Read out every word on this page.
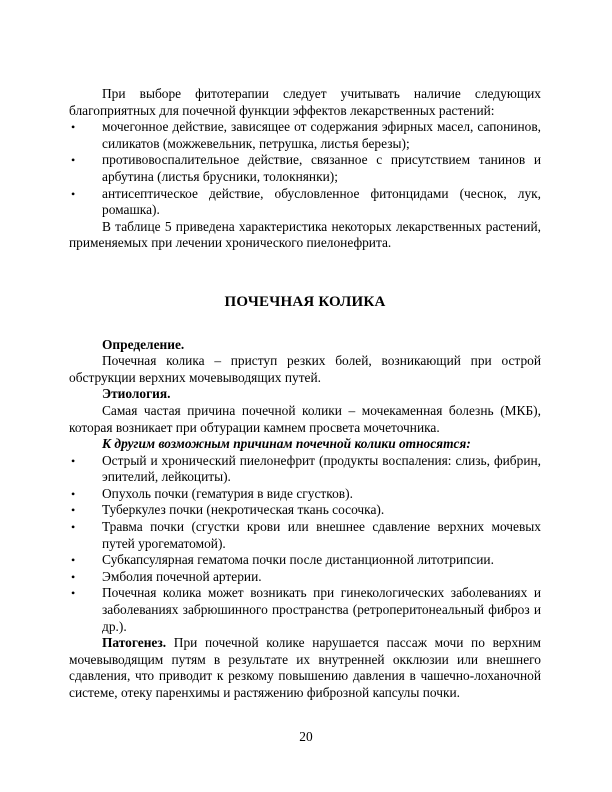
При выборе фитотерапии следует учитывать наличие следующих благоприятных для почечной функции эффектов лекарственных растений:

• мочегонное действие, зависящее от содержания эфирных масел, сапонинов, силикатов (можжевельник, петрушка, листья березы);
• противовоспалительное действие, связанное с присутствием танинов и арбутина (листья брусники, толокнянки);
• антисептическое действие, обусловленное фитонцидами (чеснок, лук, ромашка).

В таблице 5 приведена характеристика некоторых лекарственных растений, применяемых при лечении хронического пиелонефрита.

ПОЧЕЧНАЯ КОЛИКА

Определение.

Почечная колика – приступ резких болей, возникающий при острой обструкции верхних мочевыводящих путей.

Этиология.

Самая частая причина почечной колики – мочекаменная болезнь (МКБ), которая возникает при обтурации камнем просвета мочеточника.

К другим возможным причинам почечной колики относятся:

• Острый и хронический пиелонефрит (продукты воспаления: слизь, фибрин, эпителий, лейкоциты).
• Опухоль почки (гематурия в виде сгустков).
• Туберкулез почки (некротическая ткань сосочка).
• Травма почки (сгустки крови или внешнее сдавление верхних мочевых путей урогематомой).
• Субкапсулярная гематома почки после дистанционной литотрипсии.
• Эмболия почечной артерии.
• Почечная колика может возникать при гинекологических заболеваниях и заболеваниях забрюшинного пространства (ретроперитонеальный фиброз и др.).

Патогенез. При почечной колике нарушается пассаж мочи по верхним мочевыводящим путям в результате их внутренней окклюзии или внешнего сдавления, что приводит к резкому повышению давления в чашечно-лоханочной системе, отеку паренхимы и растяжению фиброзной капсулы почки.

20
